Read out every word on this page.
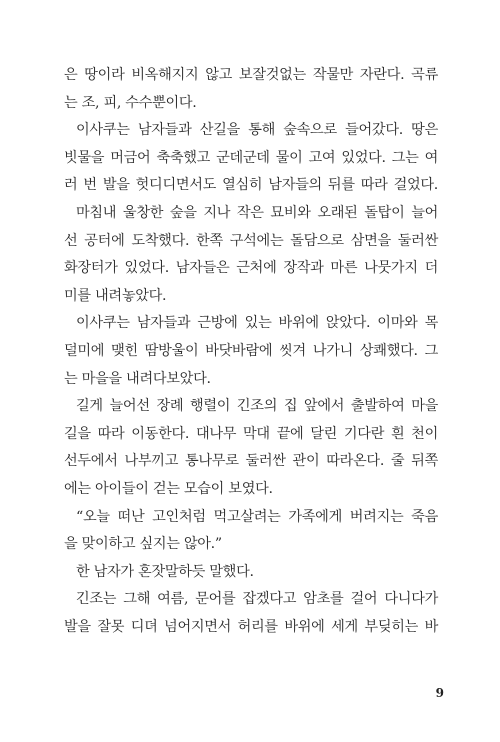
은 땅이라 비옥해지지 않고 보잘것없는 작물만 자란다. 곡류
는 조, 피, 수수뿐이다.
이사쿠는 남자들과 산길을 통해 숲속으로 들어갔다. 땅은
빗물을 머금어 축축했고 군데군데 물이 고여 있었다. 그는 여
러 번 발을 헛디디면서도 열심히 남자들의 뒤를 따라 걸었다.
마침내 울창한 숲을 지나 작은 묘비와 오래된 돌탑이 늘어
선 공터에 도착했다. 한쪽 구석에는 돌담으로 삼면을 둘러싼
화장터가 있었다. 남자들은 근처에 장작과 마른 나뭇가지 더
미를 내려놓았다.
이사쿠는 남자들과 근방에 있는 바위에 앉았다. 이마와 목
덜미에 맺힌 땀방울이 바닷바람에 씻겨 나가니 상쾌했다. 그
는 마을을 내려다보았다.
길게 늘어선 장례 행렬이 긴조의 집 앞에서 출발하여 마을
길을 따라 이동한다. 대나무 막대 끝에 달린 기다란 흰 천이
선두에서 나부끼고 통나무로 둘러싼 관이 따라온다. 줄 뒤쪽
에는 아이들이 걷는 모습이 보였다.
“오늘 떠난 고인처럼 먹고살려는 가족에게 버려지는 죽음
을 맞이하고 싶지는 않아.”
한 남자가 혼잣말하듯 말했다.
긴조는 그해 여름, 문어를 잡겠다고 암초를 걸어 다니다가
발을 잘못 디뎌 넘어지면서 허리를 바위에 세게 부딪히는 바
9
